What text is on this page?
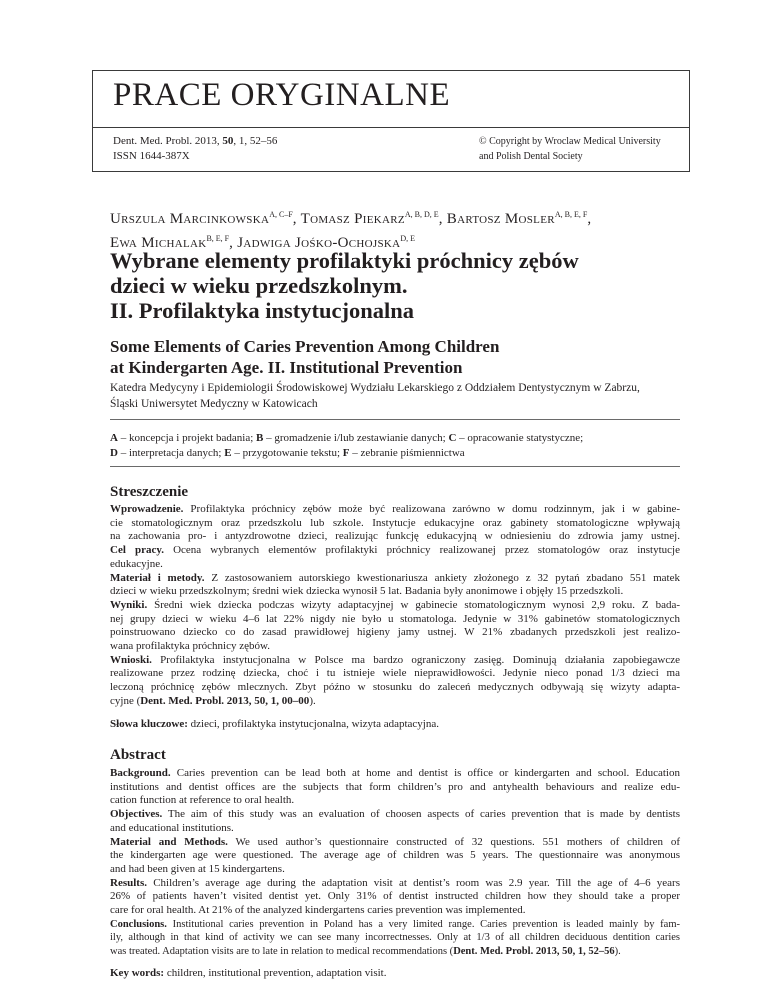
PRACE ORYGINALNE
Dent. Med. Probl. 2013, 50, 1, 52–56
ISSN 1644-387X
© Copyright by Wroclaw Medical University
and Polish Dental Society
Urszula Marcinkowska$^{A, C-F}$, Tomasz Piekarz$^{A, B, D, E}$, Bartosz Mosler$^{A, B, E, F}$,
Ewa Michalak$^{B, E, F}$, Jadwiga Jośko-Ochojska$^{D, E}$
Wybrane elementy profilaktyki próchnicy zębów
dzieci w wieku przedszkolnym.
II. Profilaktyka instytucjonalna
Some Elements of Caries Prevention Among Children
at Kindergarten Age. II. Institutional Prevention
Katedra Medycyny i Epidemiologii Środowiskowej Wydziału Lekarskiego z Oddziałem Dentystycznym w Zabrzu,
Śląski Uniwersytet Medyczny w Katowicach
A – koncepcja i projekt badania; B – gromadzenie i/lub zestawianie danych; C – opracowanie statystyczne;
D – interpretacja danych; E – przygotowanie tekstu; F – zebranie piśmiennictwa
Streszczenie
Wprowadzenie. Profilaktyka próchnicy zębów może być realizowana zarówno w domu rodzinnym, jak i w gabine-
cie stomatologicznym oraz przedszkolu lub szkole. Instytucje edukacyjne oraz gabinety stomatologiczne wpływają
na zachowania pro- i antyzdrowotne dzieci, realizując funkcję edukacyjną w odniesieniu do zdrowia jamy ustnej.
Cel pracy. Ocena wybranych elementów profilaktyki próchnicy realizowanej przez stomatologów oraz instytucje
edukacyjne.
Materiał i metody. Z zastosowaniem autorskiego kwestionariusza ankiety złożonego z 32 pytań zbadano 551 matek
dzieci w wieku przedszkolnym; średni wiek dziecka wynosił 5 lat. Badania były anonimowe i objęły 15 przedszkoli.
Wyniki. Średni wiek dziecka podczas wizyty adaptacyjnej w gabinecie stomatologicznym wynosi 2,9 roku. Z bada-
nej grupy dzieci w wieku 4–6 lat 22% nigdy nie było u stomatologa. Jedynie w 31% gabinetów stomatologicznych
poinstruowano dziecko co do zasad prawidłowej higieny jamy ustnej. W 21% zbadanych przedszkoli jest realizo-
wana profilaktyka próchnicy zębów.
Wnioski. Profilaktyka instytucjonalna w Polsce ma bardzo ograniczony zasięg. Dominują działania zapobiegawcze
realizowane przez rodzinę dziecka, choć i tu istnieje wiele nieprawidłowości. Jedynie nieco ponad 1/3 dzieci ma
leczoną próchnicę zębów mlecznych. Zbyt późno w stosunku do zaleceń medycznych odbywają się wizyty adapta-
cyjne (Dent. Med. Probl. 2013, 50, 1, 00–00).
Słowa kluczowe: dzieci, profilaktyka instytucjonalna, wizyta adaptacyjna.
Abstract
Background. Caries prevention can be lead both at home and dentist is office or kindergarten and school. Education
institutions and dentist offices are the subjects that form children’s pro and antyhealth behaviours and realize edu-
cation function at reference to oral health.
Objectives. The aim of this study was an evaluation of choosen aspects of caries prevention that is made by dentists
and educational institutions.
Material and Methods. We used author’s questionnaire constructed of 32 questions. 551 mothers of children of
the kindergarten age were questioned. The average age of children was 5 years. The questionnaire was anonymous
and had been given at 15 kindergartens.
Results. Children’s average age during the adaptation visit at dentist’s room was 2.9 year. Till the age of 4–6 years
26% of patients haven’t visited dentist yet. Only 31% of dentist instructed children how they should take a proper
care for oral health. At 21% of the analyzed kindergartens caries prevention was implemented.
Conclusions. Institutional caries prevention in Poland has a very limited range. Caries prevention is leaded mainly by fam-
ily, although in that kind of activity we can see many incorrectnesses. Only at 1/3 of all children deciduous dentition caries
was treated. Adaptation visits are to late in relation to medical recommendations (Dent. Med. Probl. 2013, 50, 1, 52–56).
Key words: children, institutional prevention, adaptation visit.
